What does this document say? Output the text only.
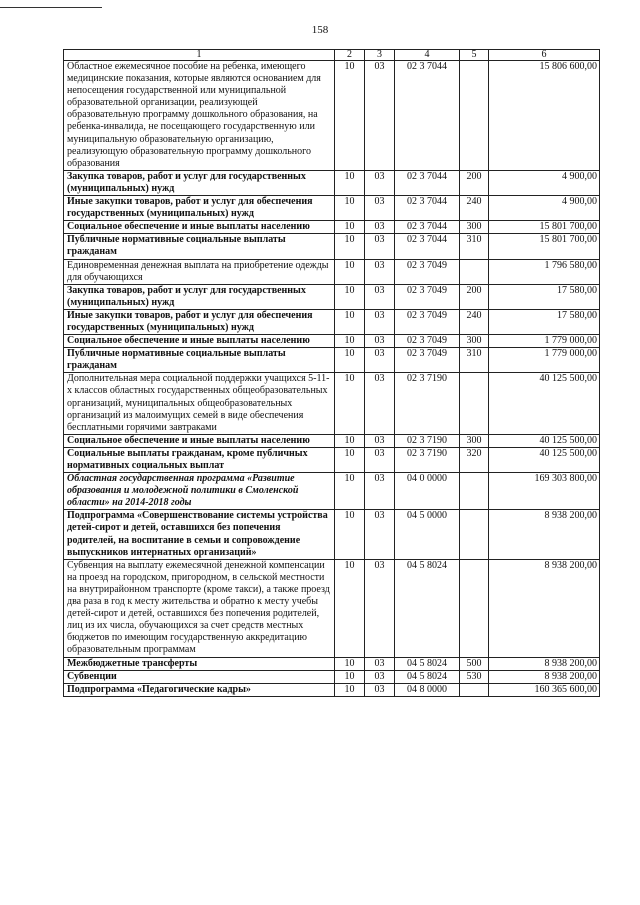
158
1	2	3	4	5	6
Областное ежемесячное пособие на ребенка, имеющего медицинские показания, которые являются основанием для непосещения государственной или муниципальной образовательной организации, реализующей образовательную программу дошкольного образования, на ребенка-инвалида, не посещающего государственную или муниципальную образовательную организацию, реализующую образовательную программу дошкольного образования	10	03	02 3 7044		15 806 600,00
Закупка товаров, работ и услуг для государственных (муниципальных) нужд	10	03	02 3 7044	200	4 900,00
Иные закупки товаров, работ и услуг для обеспечения государственных (муниципальных) нужд	10	03	02 3 7044	240	4 900,00
Социальное обеспечение и иные выплаты населению	10	03	02 3 7044	300	15 801 700,00
Публичные нормативные социальные выплаты гражданам	10	03	02 3 7044	310	15 801 700,00
Единовременная денежная выплата на приобретение одежды для обучающихся	10	03	02 3 7049		1 796 580,00
Закупка товаров, работ и услуг для государственных (муниципальных) нужд	10	03	02 3 7049	200	17 580,00
Иные закупки товаров, работ и услуг для обеспечения государственных (муниципальных) нужд	10	03	02 3 7049	240	17 580,00
Социальное обеспечение и иные выплаты населению	10	03	02 3 7049	300	1 779 000,00
Публичные нормативные социальные выплаты гражданам	10	03	02 3 7049	310	1 779 000,00
Дополнительная мера социальной поддержки учащихся 5-11-х классов областных государственных общеобразовательных организаций, муниципальных общеобразовательных организаций из малоимущих семей в виде обеспечения бесплатными горячими завтраками	10	03	02 3 7190		40 125 500,00
Социальное обеспечение и иные выплаты населению	10	03	02 3 7190	300	40 125 500,00
Социальные выплаты гражданам, кроме публичных нормативных социальных выплат	10	03	02 3 7190	320	40 125 500,00
Областная государственная программа «Развитие образования и молодежной политики в Смоленской области» на 2014-2018 годы	10	03	04 0 0000		169 303 800,00
Подпрограмма «Совершенствование системы устройства детей-сирот и детей, оставшихся без попечения родителей, на воспитание в семьи и сопровождение выпускников интернатных организаций»	10	03	04 5 0000		8 938 200,00
Субвенция на выплату ежемесячной денежной компенсации на проезд на городском, пригородном, в сельской местности на внутрирайонном транспорте (кроме такси), а также проезд два раза в год к месту жительства и обратно к месту учебы детей-сирот и детей, оставшихся без попечения родителей, лиц из их числа, обучающихся за счет средств местных бюджетов по имеющим государственную аккредитацию образовательным программам	10	03	04 5 8024		8 938 200,00
Межбюджетные трансферты	10	03	04 5 8024	500	8 938 200,00
Субвенции	10	03	04 5 8024	530	8 938 200,00
Подпрограмма «Педагогические кадры»	10	03	04 8 0000		160 365 600,00
